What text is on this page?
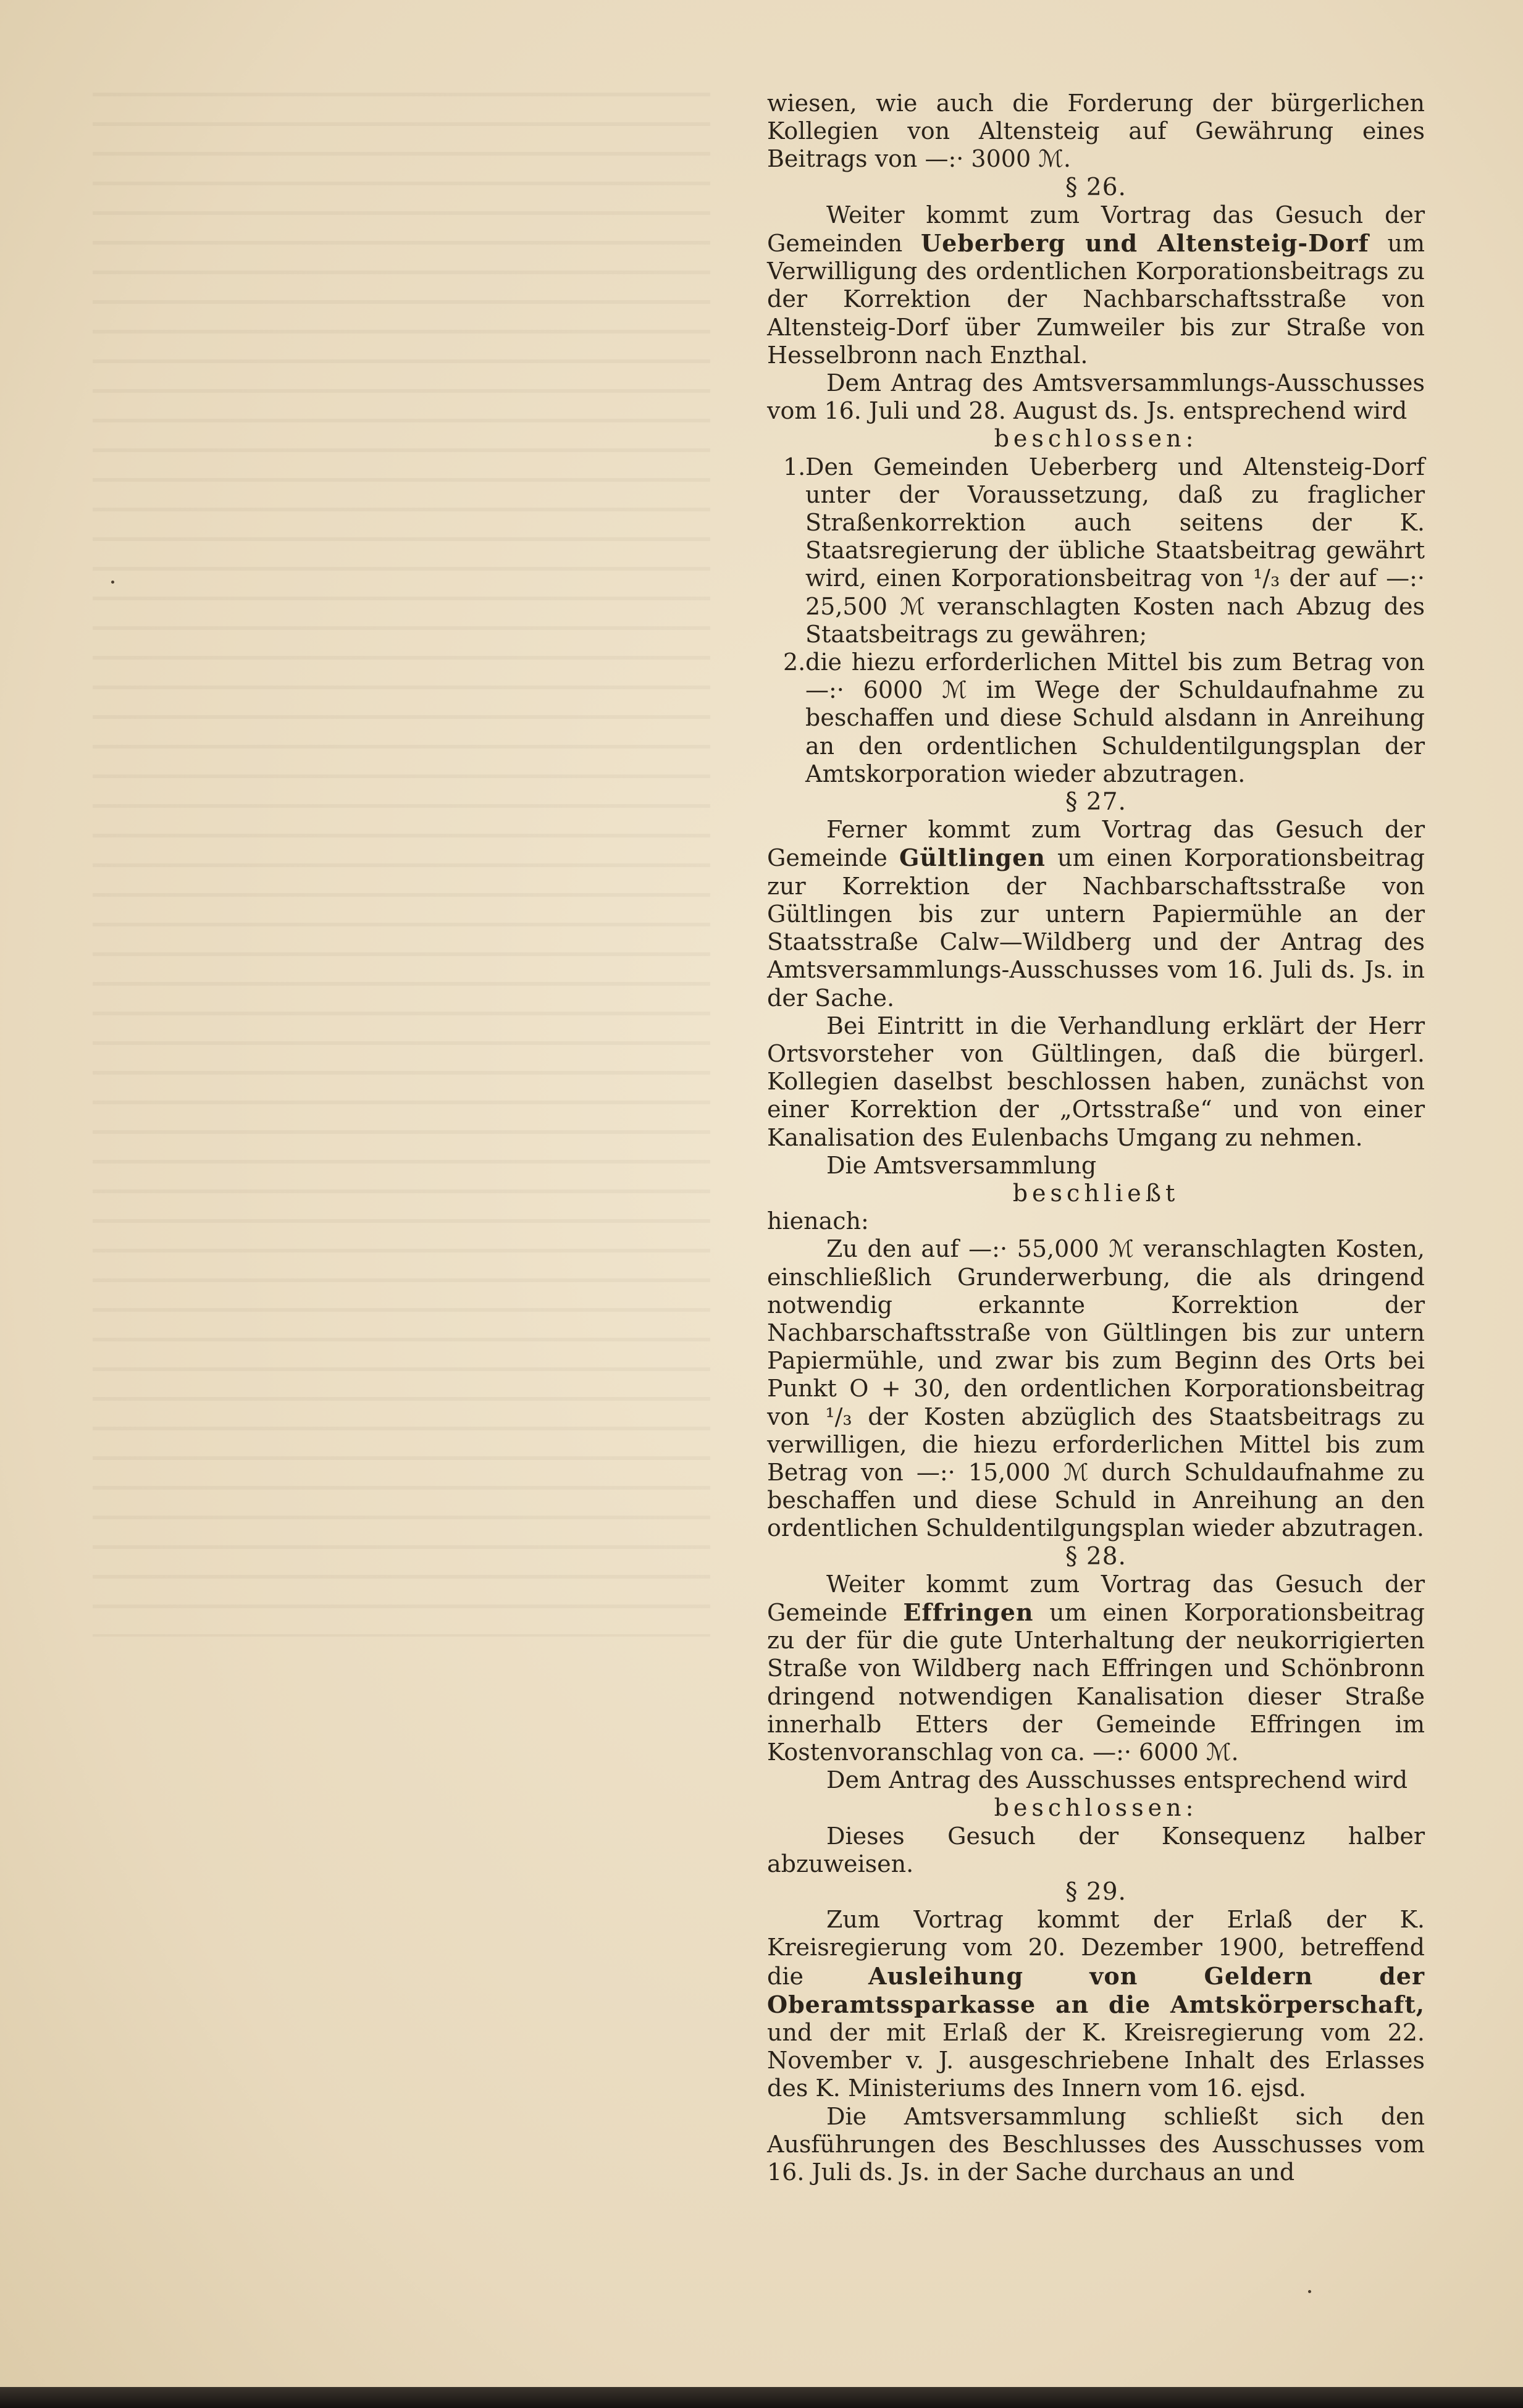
wiesen, wie auch die Forderung der bürgerlichen Kollegien von Altensteig auf Gewährung eines Beitrags von —:· 3000 ℳ.

§ 26.

Weiter kommt zum Vortrag das Gesuch der Gemeinden Ueberberg und Altensteig-Dorf um Verwilligung des ordentlichen Korporationsbeitrags zu der Korrektion der Nachbarschaftsstraße von Altensteig-Dorf über Zumweiler bis zur Straße von Hesselbronn nach Enzthal.

Dem Antrag des Amtsversammlungs-Ausschusses vom 16. Juli und 28. August ds. Js. entsprechend wird

beschlossen:

1. Den Gemeinden Ueberberg und Altensteig-Dorf unter der Voraussetzung, daß zu fraglicher Straßenkorrektion auch seitens der K. Staatsregierung der übliche Staatsbeitrag gewährt wird, einen Korporationsbeitrag von ¹/₃ der auf —:· 25,500 ℳ veranschlagten Kosten nach Abzug des Staatsbeitrags zu gewähren;

2. die hiezu erforderlichen Mittel bis zum Betrag von —:· 6000 ℳ im Wege der Schuldaufnahme zu beschaffen und diese Schuld alsdann in Anreihung an den ordentlichen Schuldentilgungsplan der Amtskorporation wieder abzutragen.

§ 27.

Ferner kommt zum Vortrag das Gesuch der Gemeinde Gültlingen um einen Korporationsbeitrag zur Korrektion der Nachbarschaftsstraße von Gültlingen bis zur untern Papiermühle an der Staatsstraße Calw—Wildberg und der Antrag des Amtsversammlungs-Ausschusses vom 16. Juli ds. Js. in der Sache.

Bei Eintritt in die Verhandlung erklärt der Herr Ortsvorsteher von Gültlingen, daß die bürgerl. Kollegien daselbst beschlossen haben, zunächst von einer Korrektion der „Ortsstraße“ und von einer Kanalisation des Eulenbachs Umgang zu nehmen.

Die Amtsversammlung

beschließt

hienach:

Zu den auf —:· 55,000 ℳ veranschlagten Kosten, einschließlich Grunderwerbung, die als dringend notwendig erkannte Korrektion der Nachbarschaftsstraße von Gültlingen bis zur untern Papiermühle, und zwar bis zum Beginn des Orts bei Punkt O + 30, den ordentlichen Korporationsbeitrag von ¹/₃ der Kosten abzüglich des Staatsbeitrags zu verwilligen, die hiezu erforderlichen Mittel bis zum Betrag von —:· 15,000 ℳ durch Schuldaufnahme zu beschaffen und diese Schuld in Anreihung an den ordentlichen Schuldentilgungsplan wieder abzutragen.

§ 28.

Weiter kommt zum Vortrag das Gesuch der Gemeinde Effringen um einen Korporationsbeitrag zu der für die gute Unterhaltung der neukorrigierten Straße von Wildberg nach Effringen und Schönbronn dringend notwendigen Kanalisation dieser Straße innerhalb Etters der Gemeinde Effringen im Kostenvoranschlag von ca. —:· 6000 ℳ.

Dem Antrag des Ausschusses entsprechend wird

beschlossen:

Dieses Gesuch der Konsequenz halber abzuweisen.

§ 29.

Zum Vortrag kommt der Erlaß der K. Kreisregierung vom 20. Dezember 1900, betreffend die	Ausleihung von Geldern der Oberamtssparkasse an die Amtskörperschaft, und der mit Erlaß der K. Kreisregierung vom 22. November v. J. ausgeschriebene Inhalt des Erlasses des K. Ministeriums des Innern vom 16. ejsd.

Die Amtsversammlung schließt sich den Ausführungen des Beschlusses des Ausschusses vom 16. Juli ds. Js. in der Sache durchaus an und
